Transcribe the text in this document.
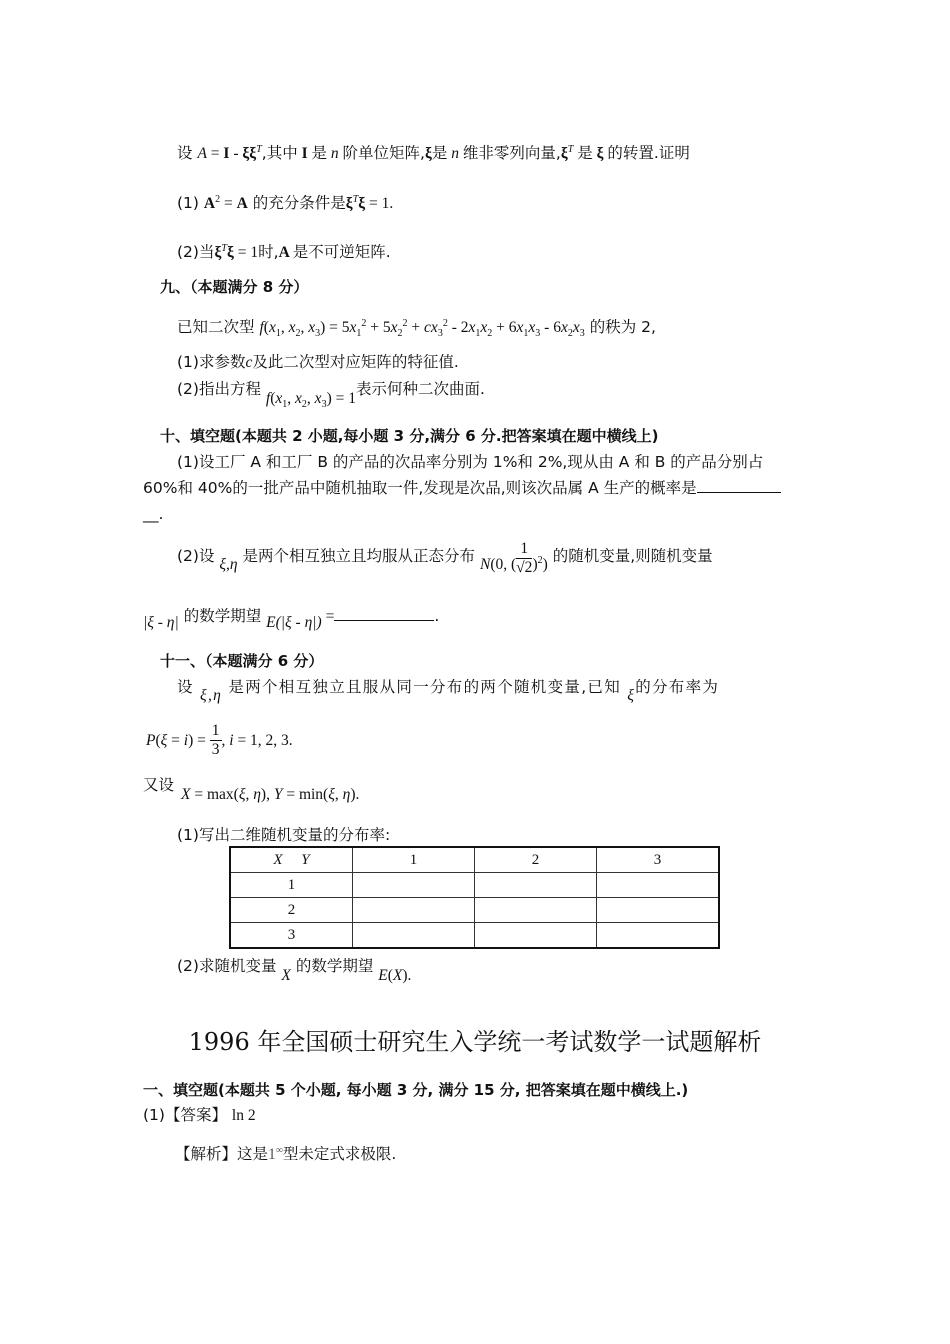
设 $A = I - \xi\xi^T$,其中 I 是 n 阶单位矩阵,ξ是 n 维非零列向量$,\xi^T$ 是 ξ 的转置.证明
(1) $A^2 = A$ 的充分条件是$\xi^T\xi = 1$.
(2)当$\xi^T\xi = 1$时,A 是不可逆矩阵.
九、（本题满分 8 分）
已知二次型 $f(x_1$, $x_2$, $x_3) = 5x_1^2 + 5x_2^2 + cx_3^2 - 2x_1x_2 + 6x_1x_3 - 6x_2x_3$ 的秩为 2,
(1)求参数c及此二次型对应矩阵的特征值.
(2)指出方程 $f(x_1$, $x_2$, $x_3) = 1$表示何种二次曲面.
十、填空题(本题共 2 小题,每小题 3 分,满分 6 分.把答案填在题中横线上)
(1)设工厂 A 和工厂 B 的产品的次品率分别为 1%和 2%,现从由 A 和 B 的产品分别占
60%和 40%的一批产品中随机抽取一件,发现是次品,则该次品属 A 生产的概率是
__.
(2)设 ξ,η 是两个相互独立且均服从正态分布 N(0, ( $\frac{1}{√2} )^2$) 的随机变量,则随机变量
|ξ - η| 的数学期望 E(|ξ - η|) =	.
十一、（本题满分 6 分）
设 ξ,η 是两个相互独立且服从同一分布的两个随机变量,已知 ξ的分布率为
$P(\xi = i) = \frac{1}{3}$ , i = 1, 2, 3.
又设
X = max(ξ, η), Y = min(ξ, η).
(1)写出二维随机变量的分布率:
X     Y	1	2	3
1			
2			
3			
(2)求随机变量 X 的数学期望 E(X).
1996 年全国硕士研究生入学统一考试数学一试题解析
一、填空题(本题共 5 个小题, 每小题 3 分, 满分 15 分, 把答案填在题中横线上.)
(1)【答案】 ln 2
【解析】这是1∞型未定式求极限.
